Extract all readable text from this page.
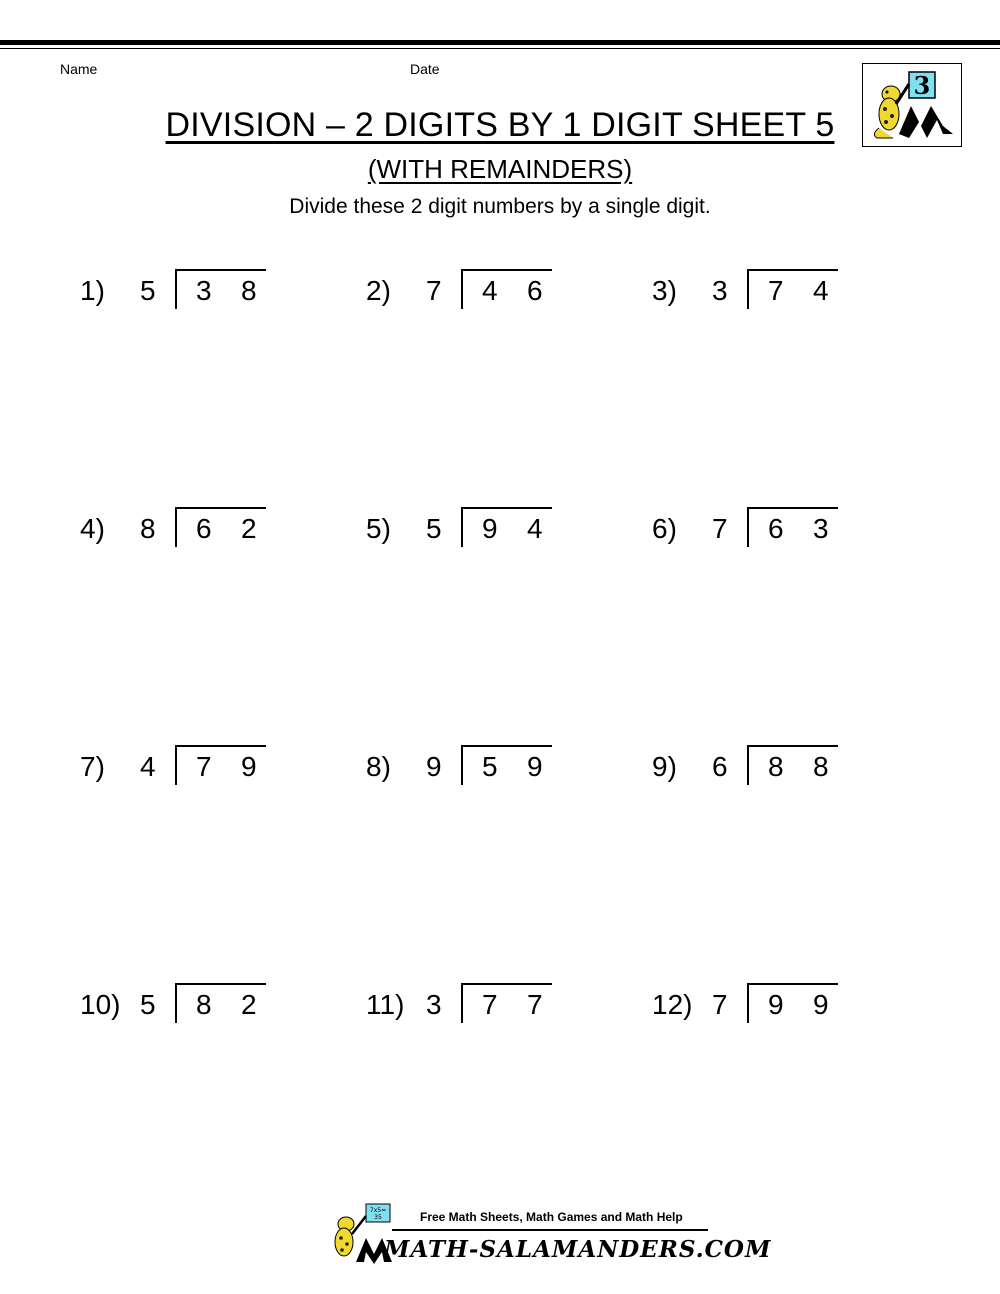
Name	Date
3
DIVISION – 2 DIGITS BY 1 DIGIT SHEET 5
(WITH REMAINDERS)
Divide these 2 digit numbers by a single digit.
1) 5 3 8	2) 7 4 6	3) 3 7 4
4) 8 6 2	5) 5 9 4	6) 7 6 3
7) 4 7 9	8) 9 5 9	9) 6 8 8
10) 5 8 2	11) 3 7 7	12) 7 9 9
7x5=
35	Free Math Sheets, Math Games and Math Help
MATH-SALAMANDERS.COM
